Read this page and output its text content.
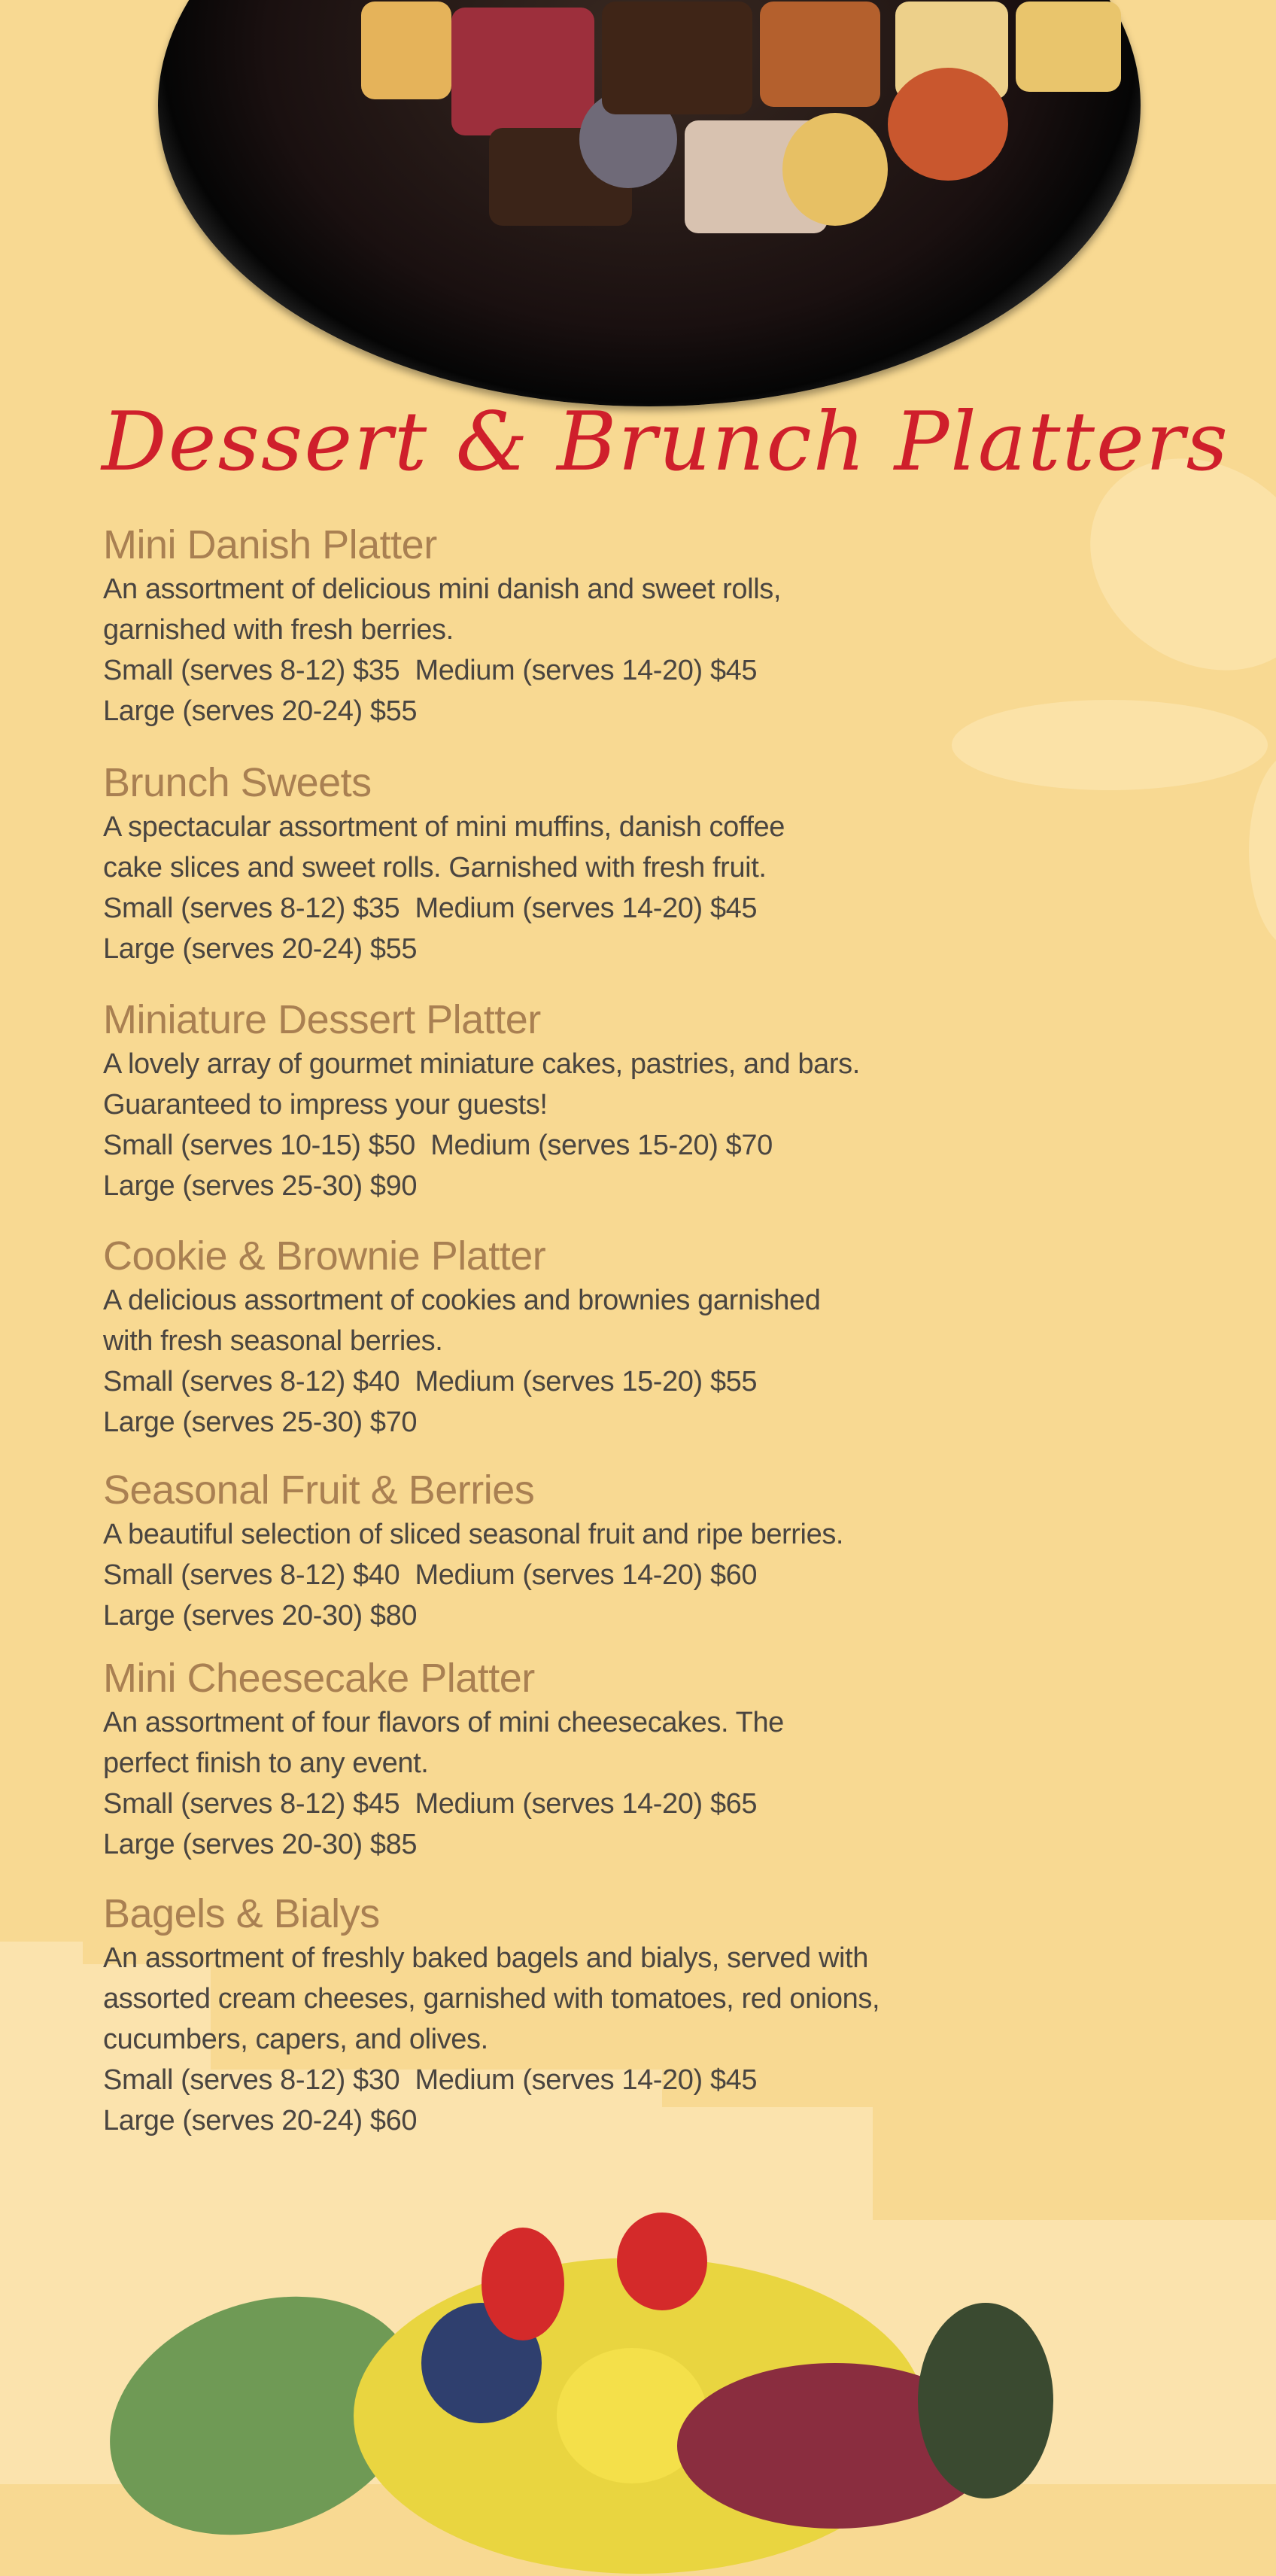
Dessert & Brunch Platters
Mini Danish Platter

An assortment of delicious mini danish and sweet rolls,

garnished with fresh berries.

Small (serves 8-12) $35  Medium (serves 14-20) $45

Large (serves 20-24) $55

Brunch Sweets

A spectacular assortment of mini muffins, danish coffee

cake slices and sweet rolls. Garnished with fresh fruit.

Small (serves 8-12) $35  Medium (serves 14-20) $45

Large (serves 20-24) $55

Miniature Dessert Platter

A lovely array of gourmet miniature cakes, pastries, and bars.

Guaranteed to impress your guests!

Small (serves 10-15) $50  Medium (serves 15-20) $70

Large (serves 25-30) $90

Cookie & Brownie Platter

A delicious assortment of cookies and brownies garnished

with fresh seasonal berries.

Small (serves 8-12) $40  Medium (serves 15-20) $55

Large (serves 25-30) $70

Seasonal Fruit & Berries

A beautiful selection of sliced seasonal fruit and ripe berries.

Small (serves 8-12) $40  Medium (serves 14-20) $60

Large (serves 20-30) $80

Mini Cheesecake Platter

An assortment of four flavors of mini cheesecakes. The

perfect finish to any event.

Small (serves 8-12) $45  Medium (serves 14-20) $65

Large (serves 20-30) $85

Bagels & Bialys

An assortment of freshly baked bagels and bialys, served with

assorted cream cheeses, garnished with tomatoes, red onions,

cucumbers, capers, and olives.

Small (serves 8-12) $30  Medium (serves 14-20) $45

Large (serves 20-24) $60
